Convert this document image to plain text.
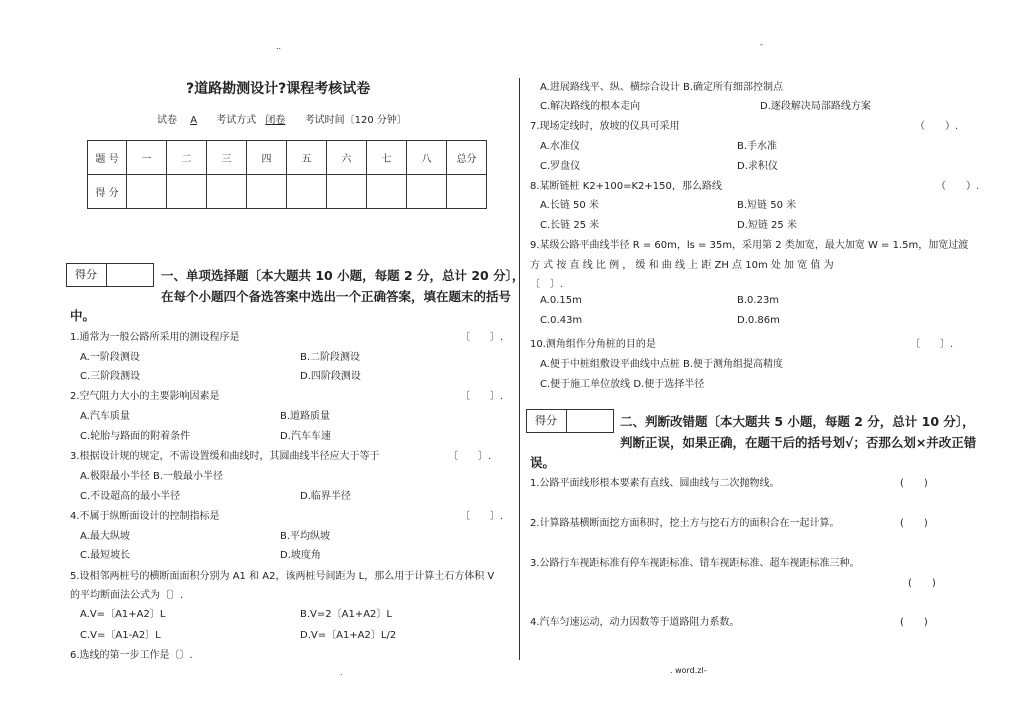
..	-
.	. word.zl-
?道路勘测设计?课程考核试卷
试卷 A 考试方式 闭卷 考试时间〔120 分钟〕
题 号	一	二	三	四	五	六	七	八	总分
得 分									
得分	一、单项选择题〔本大题共 10 小题，每题 2 分，总计 20 分〕，
在每个小题四个备选答案中选出一个正确答案，填在题末的括号
中。
1.通常为一般公路所采用的测设程序是	〔　　〕.
A.一阶段测设	B.二阶段测设
C.三阶段测设	D.四阶段测设
2.空气阻力大小的主要影响因素是	〔　　〕.
A.汽车质量	B.道路质量
C.轮胎与路面的附着条件	D.汽车车速
3.根据设计规的规定，不需设置缓和曲线时，其圆曲线半径应大于等于	〔　　〕.
A.极限最小半径 B.一般最小半径
C.不设超高的最小半径	D.临界半径
4.不属于纵断面设计的控制指标是	〔　　〕.
A.最大纵坡	B.平均纵坡
C.最短坡长	D.坡度角
5.设相邻两桩号的横断面面积分别为 A1 和 A2，该两桩号间距为 L，那么用于计算土石方体积 V
的平均断面法公式为〔〕.
A.V=〔A1+A2〕L	B.V=2〔A1+A2〕L
C.V=〔A1-A2〕L	D.V=〔A1+A2〕L/2
6.选线的第一步工作是〔〕.
A.进展路线平、纵、横综合设计 B.确定所有细部控制点
C.解决路线的根本走向	D.逐段解决局部路线方案
7.现场定线时，放坡的仪具可采用	（　　）.
A.水准仪	B.手水准
C.罗盘仪	D.求积仪
8.某断链桩 K2+100=K2+150，那么路线	（　　）.
A.长链 50 米	B.短链 50 米
C.长链 25 米	D.短链 25 米
9.某级公路平曲线半径 R = 60m，ls = 35m，采用第 2 类加宽，最大加宽 W = 1.5m，加宽过渡
方 式 按 直 线 比 例 ， 缓 和 曲 线 上 距 ZH 点 10m 处 加 宽 值 为
〔　〕.
A.0.15m	B.0.23m
C.0.43m	D.0.86m
10.测角组作分角桩的目的是	〔　　〕.
A.便于中桩组敷设平曲线中点桩 B.便于测角组提高精度
C.便于施工单位放线 D.便于选择半径
得分	二、判断改错题〔本大题共 5 小题，每题 2 分，总计 10 分〕，
判断正误，如果正确，在题干后的括号划√；否那么划×并改正错
误。
1.公路平面线形根本要素有直线、圆曲线与二次抛物线。	(　　)
2.计算路基横断面挖方面积时，挖土方与挖石方的面积合在一起计算。	(　　)
3.公路行车视距标准有停车视距标准、错车视距标准、超车视距标准三种。
(　　)
4.汽车匀速运动，动力因数等于道路阻力系数。	(　　)
